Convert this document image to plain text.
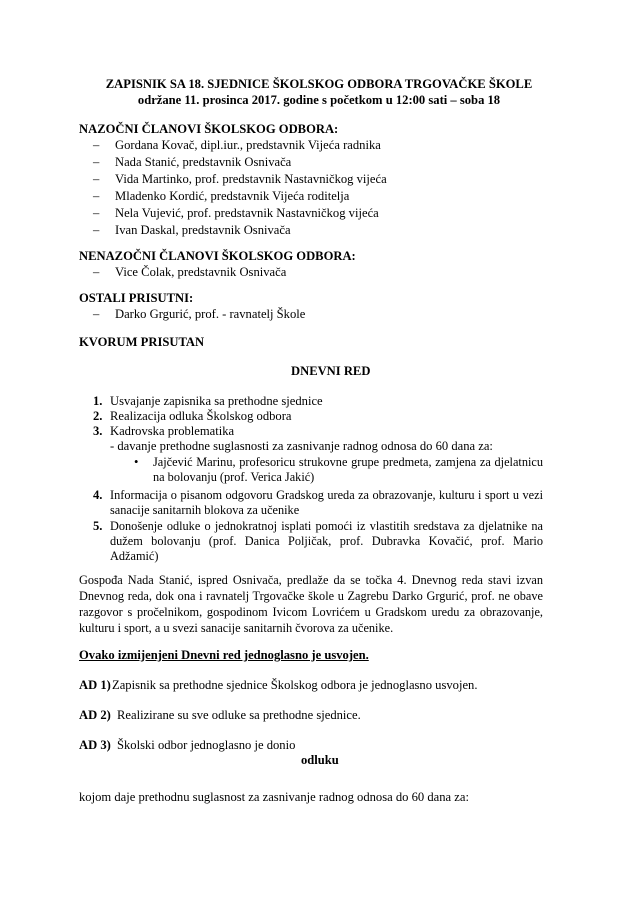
ZAPISNIK SA 18. SJEDNICE ŠKOLSKOG ODBORA TRGOVAČKE ŠKOLE
održane 11. prosinca 2017. godine s početkom u 12:00 sati – soba 18
NAZOČNI ČLANOVI ŠKOLSKOG ODBORA:
– Gordana Kovač, dipl.iur., predstavnik Vijeća radnika
– Nada Stanić, predstavnik Osnivača
– Vida Martinko, prof. predstavnik Nastavničkog vijeća
– Mladenko Kordić, predstavnik Vijeća roditelja
– Nela Vujević, prof. predstavnik Nastavničkog vijeća
– Ivan Daskal, predstavnik Osnivača
NENAZOČNI ČLANOVI ŠKOLSKOG ODBORA:
– Vice Čolak, predstavnik Osnivača
OSTALI PRISUTNI:
– Darko Grgurić, prof. - ravnatelj Škole
KVORUM PRISUTAN
DNEVNI RED
1. Usvajanje zapisnika sa prethodne sjednice
2. Realizacija odluka Školskog odbora
3. Kadrovska problematika
- davanje prethodne suglasnosti za zasnivanje radnog odnosa do 60 dana za:
• Jajčević Marinu, profesoricu strukovne grupe predmeta, zamjena za djelatnicu na bolovanju (prof. Verica Jakić)
4. Informacija o pisanom odgovoru Gradskog ureda za obrazovanje, kulturu i sport u vezi sanacije sanitarnih blokova za učenike
5. Donošenje odluke o jednokratnoj isplati pomoći iz vlastitih sredstava za djelatnike na dužem bolovanju (prof. Danica Poljičak, prof. Dubravka Kovačić, prof. Mario Adžamić)
Gospođa Nada Stanić, ispred Osnivača, predlaže da se točka 4. Dnevnog reda stavi izvan Dnevnog reda, dok ona i ravnatelj Trgovačke škole u Zagrebu Darko Grgurić, prof. ne obave razgovor s pročelnikom, gospodinom Ivicom Lovrićem u Gradskom uredu za obrazovanje, kulturu i sport, a u svezi sanacije sanitarnih čvorova za učenike.
Ovako izmijenjeni Dnevni red jednoglasno je usvojen.
AD 1) Zapisnik sa prethodne sjednice Školskog odbora je jednoglasno usvojen.
AD 2) Realizirane su sve odluke sa prethodne sjednice.
AD 3) Školski odbor jednoglasno je donio
odluku
kojom daje prethodnu suglasnost za zasnivanje radnog odnosa do 60 dana za:
